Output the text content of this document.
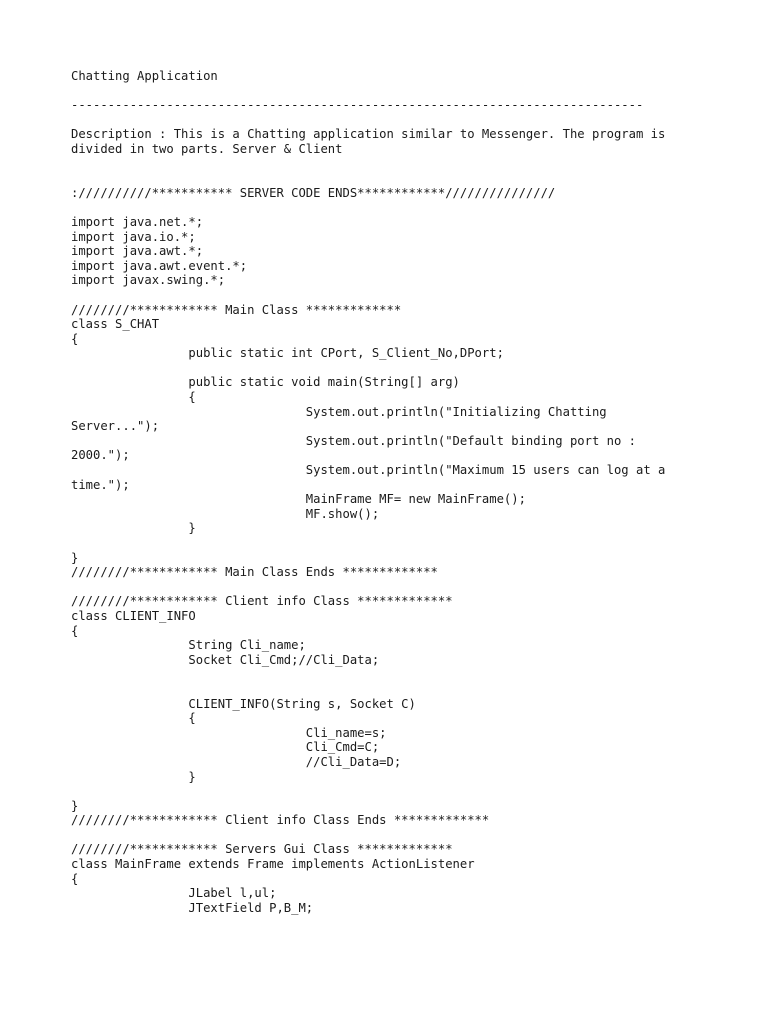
Chatting Application
------------------------------------------------------------------------------
Description : This is a Chatting application similar to Messenger. The program is
divided in two parts. Server & Client
://////////*********** SERVER CODE ENDS************///////////////
import java.net.*;
import java.io.*;
import java.awt.*;
import java.awt.event.*;
import javax.swing.*;
////////************ Main Class *************
class S_CHAT
{
public static int CPort, S_Client_No,DPort;
public static void main(String[] arg)
{
System.out.println("Initializing Chatting
Server...");
System.out.println("Default binding port no :
2000.");
System.out.println("Maximum 15 users can log at a
time.");
MainFrame MF= new MainFrame();
MF.show();
}
}
////////************ Main Class Ends *************
////////************ Client info Class *************
class CLIENT_INFO
{
String Cli_name;
Socket Cli_Cmd;//Cli_Data;
CLIENT_INFO(String s, Socket C)
{
Cli_name=s;
Cli_Cmd=C;
//Cli_Data=D;
}
}
////////************ Client info Class Ends *************
////////************ Servers Gui Class *************
class MainFrame extends Frame implements ActionListener
{
JLabel l,ul;
JTextField P,B_M;
